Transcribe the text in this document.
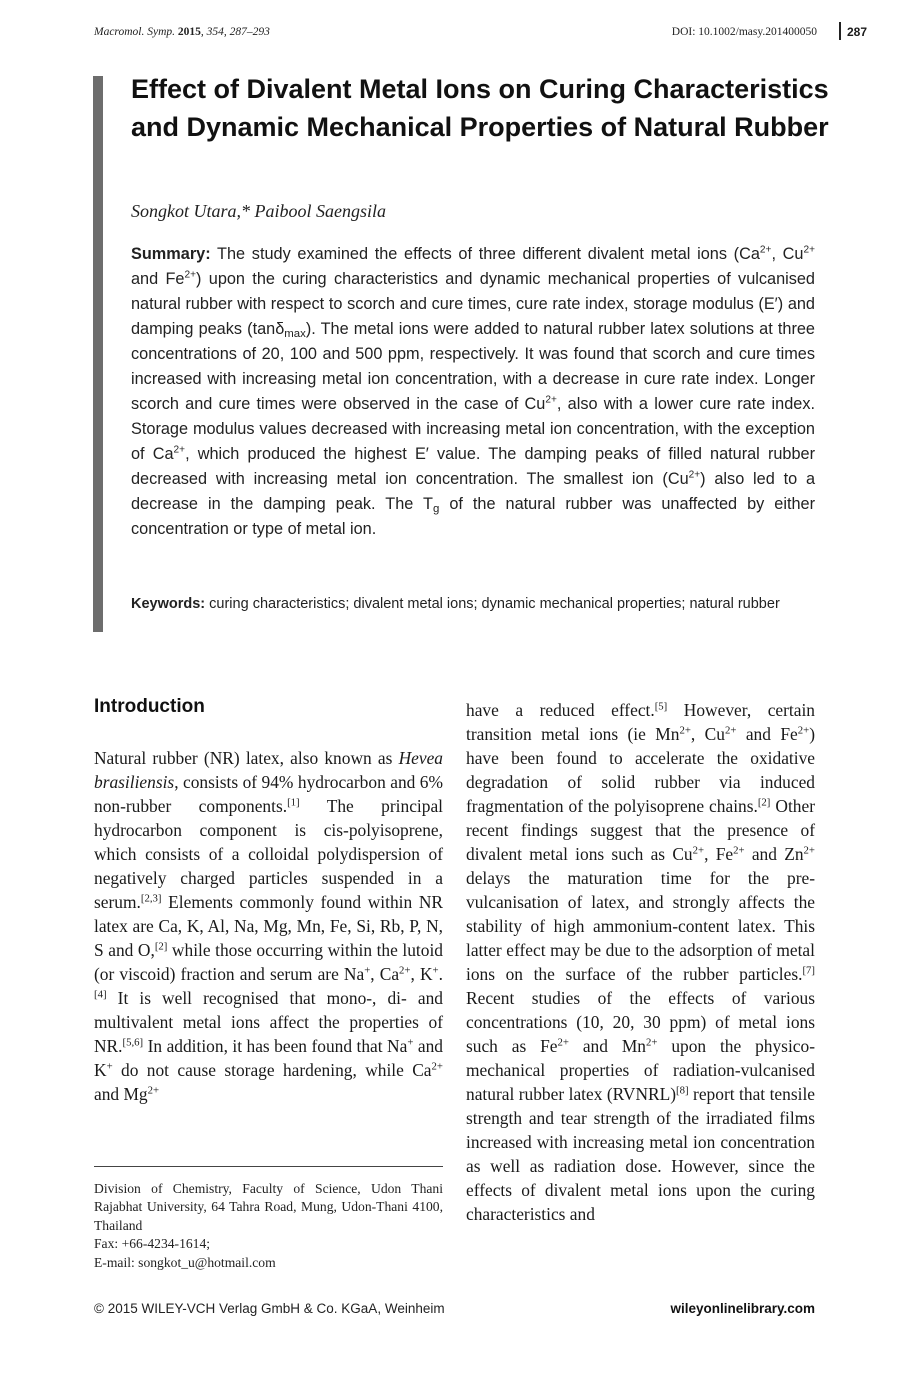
Macromol. Symp. 2015, 354, 287–293	DOI: 10.1002/masy.201400050	287
Effect of Divalent Metal Ions on Curing Characteristics and Dynamic Mechanical Properties of Natural Rubber
Songkot Utara,* Paibool Saengsila

Summary: The study examined the effects of three different divalent metal ions ($Ca^{2+}$, $Cu^{2+}$ and $Fe^{2+}$) upon the curing characteristics and dynamic mechanical properties of vulcanised natural rubber with respect to scorch and cure times, cure rate index, storage modulus (E′) and damping peaks (tanδ$_{max}$). The metal ions were added to natural rubber latex solutions at three concentrations of 20, 100 and 500 ppm, respectively. It was found that scorch and cure times increased with increasing metal ion concentration, with a decrease in cure rate index. Longer scorch and cure times were observed in the case of $Cu^{2+}$, also with a lower cure rate index. Storage modulus values decreased with increasing metal ion concentration, with the exception of $Ca^{2+}$, which produced the highest E′ value. The damping peaks of filled natural rubber decreased with increasing metal ion concentration. The smallest ion $(Cu^{2+})$ also led to a decrease in the damping peak. The $T_g$ of the natural rubber was unaffected by either concentration or type of metal ion.

Keywords: curing characteristics; divalent metal ions; dynamic mechanical properties; natural rubber

Introduction

Natural rubber (NR) latex, also known as Hevea brasiliensis, consists of 94% hydrocarbon and 6% non-rubber components.[1] The principal hydrocarbon component is cis-polyisoprene, which consists of a colloidal polydispersion of negatively charged particles suspended in a serum.[2,3] Elements commonly found within NR latex are Ca, K, Al, Na, Mg, Mn, Fe, Si, Rb, P, N, S and O,[2] while those occurring within the lutoid (or viscoid) fraction and serum are Na+, $Ca^{2+}$, K+.[4] It is well recognised that mono-, di- and multivalent metal ions affect the properties of NR.[5,6] In addition, it has been found that Na+ and K+ do not cause storage hardening, while $Ca^{2+}$ and $Mg^{2+}$

have a reduced effect.[5] However, certain transition metal ions (ie $Mn^{2+}$, $Cu^{2+}$ and $Fe^{2+}$) have been found to accelerate the oxidative degradation of solid rubber via induced fragmentation of the polyisoprene chains.[2] Other recent findings suggest that the presence of divalent metal ions such as $Cu^{2+}$, $Fe^{2+}$ and $Zn^{2+}$ delays the maturation time for the pre-vulcanisation of latex, and strongly affects the stability of high ammonium-content latex. This latter effect may be due to the adsorption of metal ions on the surface of the rubber particles.[7] Recent studies of the effects of various concentrations (10, 20, 30 ppm) of metal ions such as $Fe^{2+}$ and $Mn^{2+}$ upon the physico-mechanical properties of radiation-vulcanised natural rubber latex (RVNRL)[8] report that tensile strength and tear strength of the irradiated films increased with increasing metal ion concentration as well as radiation dose. However, since the effects of divalent metal ions upon the curing characteristics and

Division of Chemistry, Faculty of Science, Udon Thani Rajabhat University, 64 Tahra Road, Mung, Udon-Thani 4100, Thailand
Fax: +66-4234-1614;
E-mail: songkot_u@hotmail.com
© 2015 WILEY-VCH Verlag GmbH & Co. KGaA, Weinheim	wileyonlinelibrary.com
